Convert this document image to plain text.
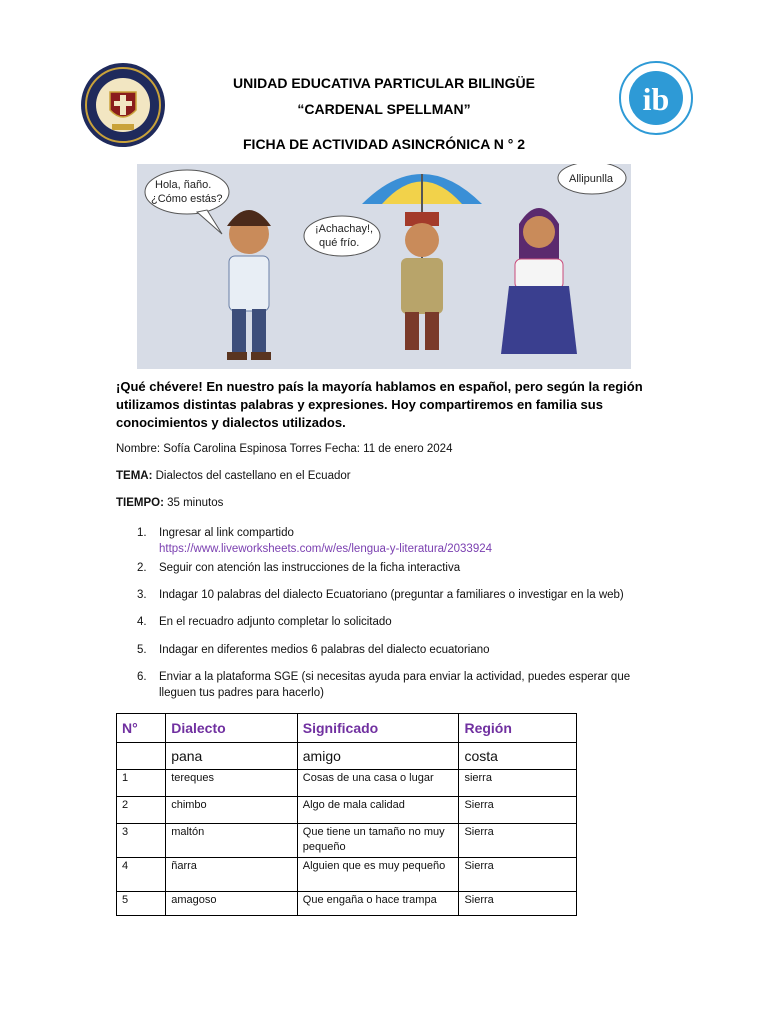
ib
UNIDAD EDUCATIVA PARTICULAR BILINGÜE
“CARDENAL SPELLMAN”
FICHA DE ACTIVIDAD ASINCRÓNICA N ° 2
Hola, ñaño.
¿Cómo estás?
¡Achachay!,
qué frío.
Allipunlla
¡Qué chévere! En nuestro país la mayoría hablamos en español, pero según la región utilizamos distintas palabras y expresiones. Hoy compartiremos en familia sus conocimientos y dialectos utilizados.
Nombre: Sofía Carolina Espinosa Torres Fecha: 11 de enero 2024
TEMA: Dialectos del castellano en el Ecuador
TIEMPO: 35 minutos
1.	Ingresar al link compartido
https://www.liveworksheets.com/w/es/lengua-y-literatura/2033924
2.	Seguir con atención las instrucciones de la ficha interactiva
3.	Indagar 10 palabras del dialecto Ecuatoriano (preguntar a familiares o investigar en la web)
4.	En el recuadro adjunto completar lo solicitado
5.	Indagar en diferentes medios 6 palabras del dialecto ecuatoriano
6.	Enviar a la plataforma SGE (si necesitas ayuda para enviar la actividad, puedes esperar que lleguen tus padres para hacerlo)
N°	Dialecto	Significado	Región
	pana	amigo	costa
1	tereques	Cosas de una casa o lugar	sierra
2	chimbo	Algo de mala calidad	Sierra
3	maltón	Que tiene un tamaño no muy pequeño	Sierra
4	ñarra	Alguien que es muy pequeño	Sierra
5	amagoso	Que engaña o hace trampa	Sierra
